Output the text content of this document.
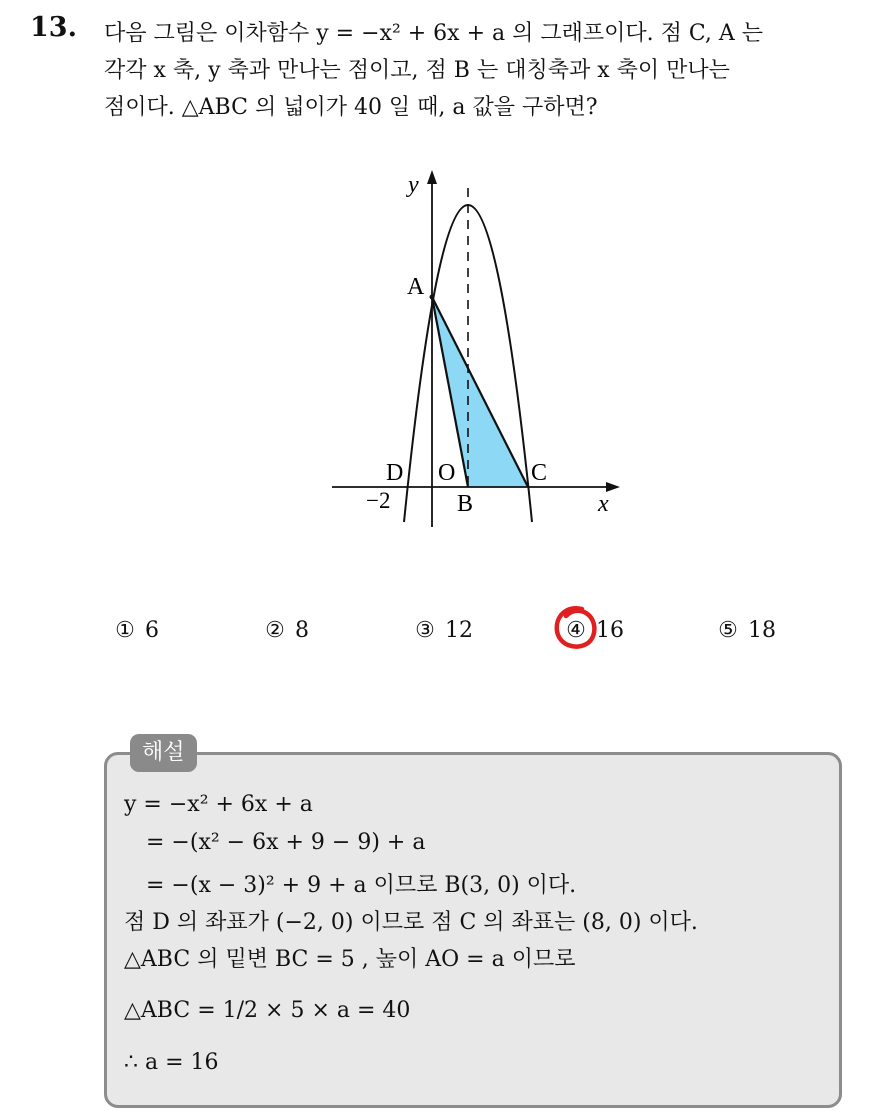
13. 다음 그림은 이차함수 y = −x² + 6x + a 의 그래프이다. 점 C, A 는
각각 x 축, y 축과 만나는 점이고, 점 B 는 대칭축과 x 축이 만나는
점이다. △ABC 의 넓이가 40 일 때, a 값을 구하면?
y
x
A
B
C
D O
−2
① 6	② 8	③ 12	④ 16	⑤ 18
해설
y = −x² + 6x + a
= −(x² − 6x + 9 − 9) + a
= −(x − 3)² + 9 + a 이므로 B(3, 0) 이다.
점 D 의 좌표가 (−2, 0) 이므로 점 C 의 좌표는 (8, 0) 이다.
△ABC 의 밑변 BC = 5 , 높이 AO = a 이므로
△ABC = 1/2 × 5 × a = 40
∴ a = 16
